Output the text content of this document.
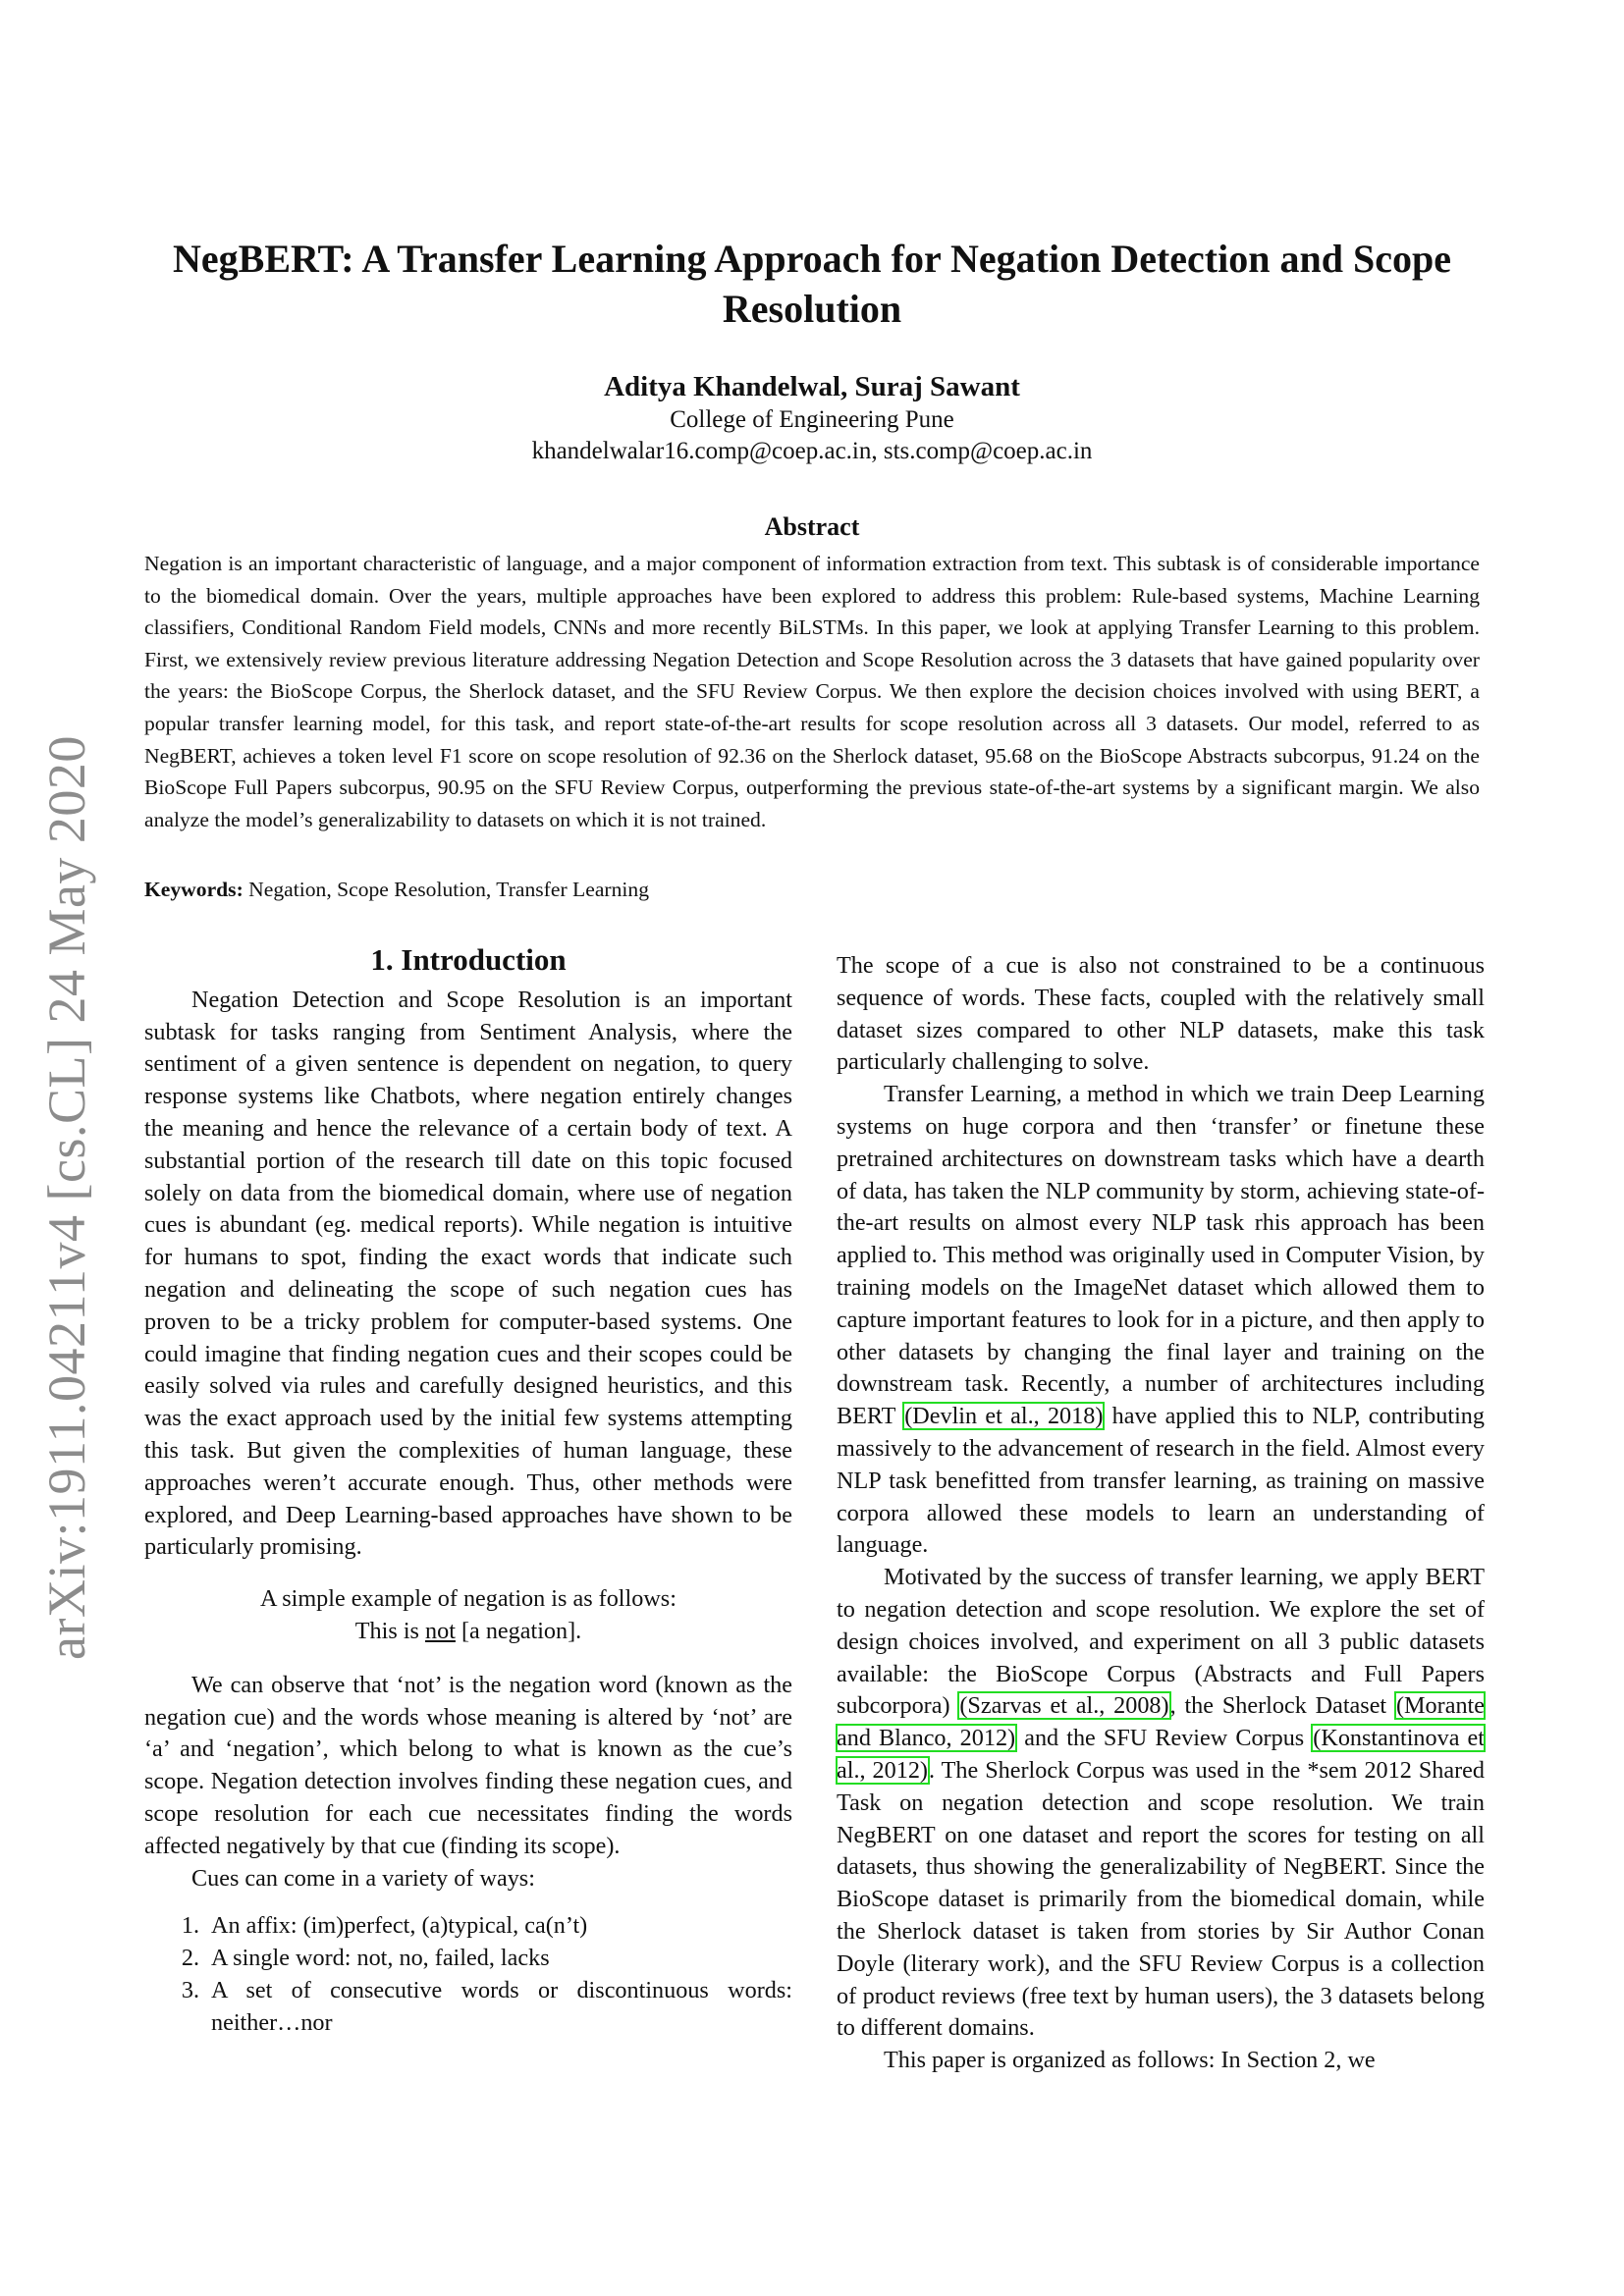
arXiv:1911.04211v4 [cs.CL] 24 May 2020
NegBERT: A Transfer Learning Approach for Negation Detection and Scope Resolution
Aditya Khandelwal, Suraj Sawant
College of Engineering Pune
khandelwalar16.comp@coep.ac.in, sts.comp@coep.ac.in
Abstract

Negation is an important characteristic of language, and a major component of information extraction from text. This subtask is of considerable importance to the biomedical domain. Over the years, multiple approaches have been explored to address this problem: Rule-based systems, Machine Learning classifiers, Conditional Random Field models, CNNs and more recently BiLSTMs. In this paper, we look at applying Transfer Learning to this problem. First, we extensively review previous literature addressing Negation Detection and Scope Resolution across the 3 datasets that have gained popularity over the years: the BioScope Corpus, the Sherlock dataset, and the SFU Review Corpus. We then explore the decision choices involved with using BERT, a popular transfer learning model, for this task, and report state-of-the-art results for scope resolution across all 3 datasets. Our model, referred to as NegBERT, achieves a token level F1 score on scope resolution of 92.36 on the Sherlock dataset, 95.68 on the BioScope Abstracts subcorpus, 91.24 on the BioScope Full Papers subcorpus, 90.95 on the SFU Review Corpus, outperforming the previous state-of-the-art systems by a significant margin. We also analyze the model’s generalizability to datasets on which it is not trained.

Keywords: Negation, Scope Resolution, Transfer Learning

1. Introduction

Negation Detection and Scope Resolution is an important subtask for tasks ranging from Sentiment Analysis, where the sentiment of a given sentence is dependent on negation, to query response systems like Chatbots, where negation entirely changes the meaning and hence the relevance of a certain body of text. A substantial portion of the research till date on this topic focused solely on data from the biomedical domain, where use of negation cues is abundant (eg. medical reports). While negation is intuitive for humans to spot, finding the exact words that indicate such negation and delineating the scope of such negation cues has proven to be a tricky problem for computer-based systems. One could imagine that finding negation cues and their scopes could be easily solved via rules and carefully designed heuristics, and this was the exact approach used by the initial few systems attempting this task. But given the complexities of human language, these approaches weren’t accurate enough. Thus, other methods were explored, and Deep Learning-based approaches have shown to be particularly promising.

A simple example of negation is as follows:
This is not [a negation].

We can observe that ‘not’ is the negation word (known as the negation cue) and the words whose meaning is altered by ‘not’ are ‘a’ and ‘negation’, which belong to what is known as the cue’s scope. Negation detection involves finding these negation cues, and scope resolution for each cue necessitates finding the words affected negatively by that cue (finding its scope).

Cues can come in a variety of ways:

1. An affix: (im)perfect, (a)typical, ca(n’t)
2. A single word: not, no, failed, lacks
3. A set of consecutive words or discontinuous words: neither…nor

The scope of a cue is also not constrained to be a continuous sequence of words. These facts, coupled with the relatively small dataset sizes compared to other NLP datasets, make this task particularly challenging to solve.

Transfer Learning, a method in which we train Deep Learning systems on huge corpora and then ‘transfer’ or finetune these pretrained architectures on downstream tasks which have a dearth of data, has taken the NLP community by storm, achieving state-of-the-art results on almost every NLP task rhis approach has been applied to. This method was originally used in Computer Vision, by training models on the ImageNet dataset which allowed them to capture important features to look for in a picture, and then apply to other datasets by changing the final layer and training on the downstream task. Recently, a number of architectures including BERT (Devlin et al., 2018) have applied this to NLP, contributing massively to the advancement of research in the field. Almost every NLP task benefitted from transfer learning, as training on massive corpora allowed these models to learn an understanding of language.

Motivated by the success of transfer learning, we apply BERT to negation detection and scope resolution. We explore the set of design choices involved, and experiment on all 3 public datasets available: the BioScope Corpus (Abstracts and Full Papers subcorpora) (Szarvas et al., 2008), the Sherlock Dataset (Morante and Blanco, 2012) and the SFU Review Corpus (Konstantinova et al., 2012). The Sherlock Corpus was used in the *sem 2012 Shared Task on negation detection and scope resolution. We train NegBERT on one dataset and report the scores for testing on all datasets, thus showing the generalizability of NegBERT. Since the BioScope dataset is primarily from the biomedical domain, while the Sherlock dataset is taken from stories by Sir Author Conan Doyle (literary work), and the SFU Review Corpus is a collection of product reviews (free text by human users), the 3 datasets belong to different domains.

This paper is organized as follows: In Section 2, we
